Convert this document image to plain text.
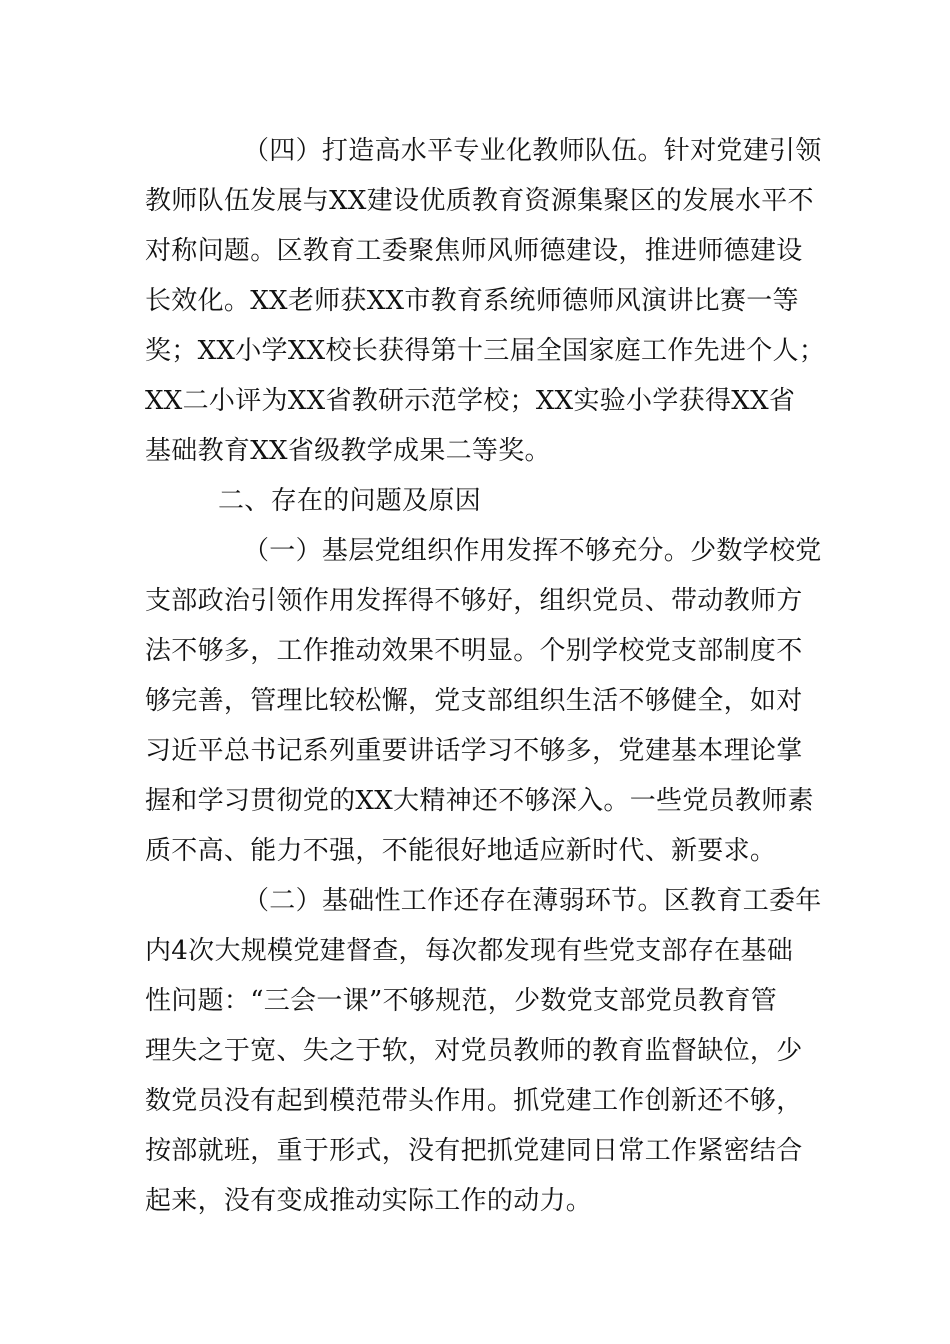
（四）打造高水平专业化教师队伍。针对党建引领

教师队伍发展与XX建设优质教育资源集聚区的发展水平不

对称问题。区教育工委聚焦师风师德建设，推进师德建设

长效化。XX老师获XX市教育系统师德师风演讲比赛一等

奖；XX小学XX校长获得第十三届全国家庭工作先进个人；

XX二小评为XX省教研示范学校；XX实验小学获得XX省

基础教育XX省级教学成果二等奖。

二、存在的问题及原因

（一）基层党组织作用发挥不够充分。少数学校党

支部政治引领作用发挥得不够好，组织党员、带动教师方

法不够多，工作推动效果不明显。个别学校党支部制度不

够完善，管理比较松懈，党支部组织生活不够健全，如对

习近平总书记系列重要讲话学习不够多，党建基本理论掌

握和学习贯彻党的XX大精神还不够深入。一些党员教师素

质不高、能力不强，不能很好地适应新时代、新要求。

（二）基础性工作还存在薄弱环节。区教育工委年

内4次大规模党建督查，每次都发现有些党支部存在基础

性问题：“三会一课”不够规范，少数党支部党员教育管

理失之于宽、失之于软，对党员教师的教育监督缺位，少

数党员没有起到模范带头作用。抓党建工作创新还不够，

按部就班，重于形式，没有把抓党建同日常工作紧密结合

起来，没有变成推动实际工作的动力。
